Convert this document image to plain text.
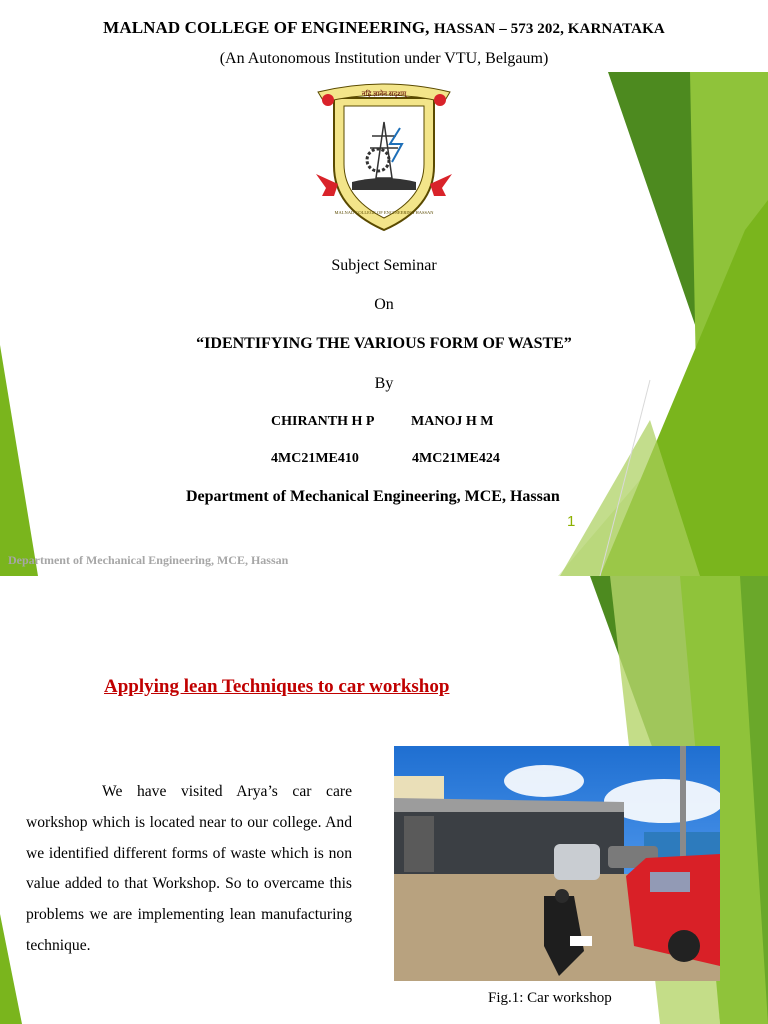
MALNAD COLLEGE OF ENGINEERING, HASSAN – 573 202, KARNATAKA
(An Autonomous Institution under VTU, Belgaum)
नहि ज्ञानेन सदृशम्
MALNAD COLLEGE OF ENGINEERING HASSAN
Subject Seminar
On
“IDENTIFYING THE VARIOUS FORM OF WASTE”
By
CHIRANTH H P	MANOJ H M
4MC21ME410	4MC21ME424
Department of Mechanical Engineering, MCE, Hassan
1
Department of Mechanical Engineering, MCE, Hassan
Applying lean Techniques to car workshop
We have visited Arya’s car care workshop which is located near to our college. And we identified different forms of waste which is non value added to that Workshop. So to overcame this problems we are implementing lean manufacturing technique.
Fig.1: Car workshop
